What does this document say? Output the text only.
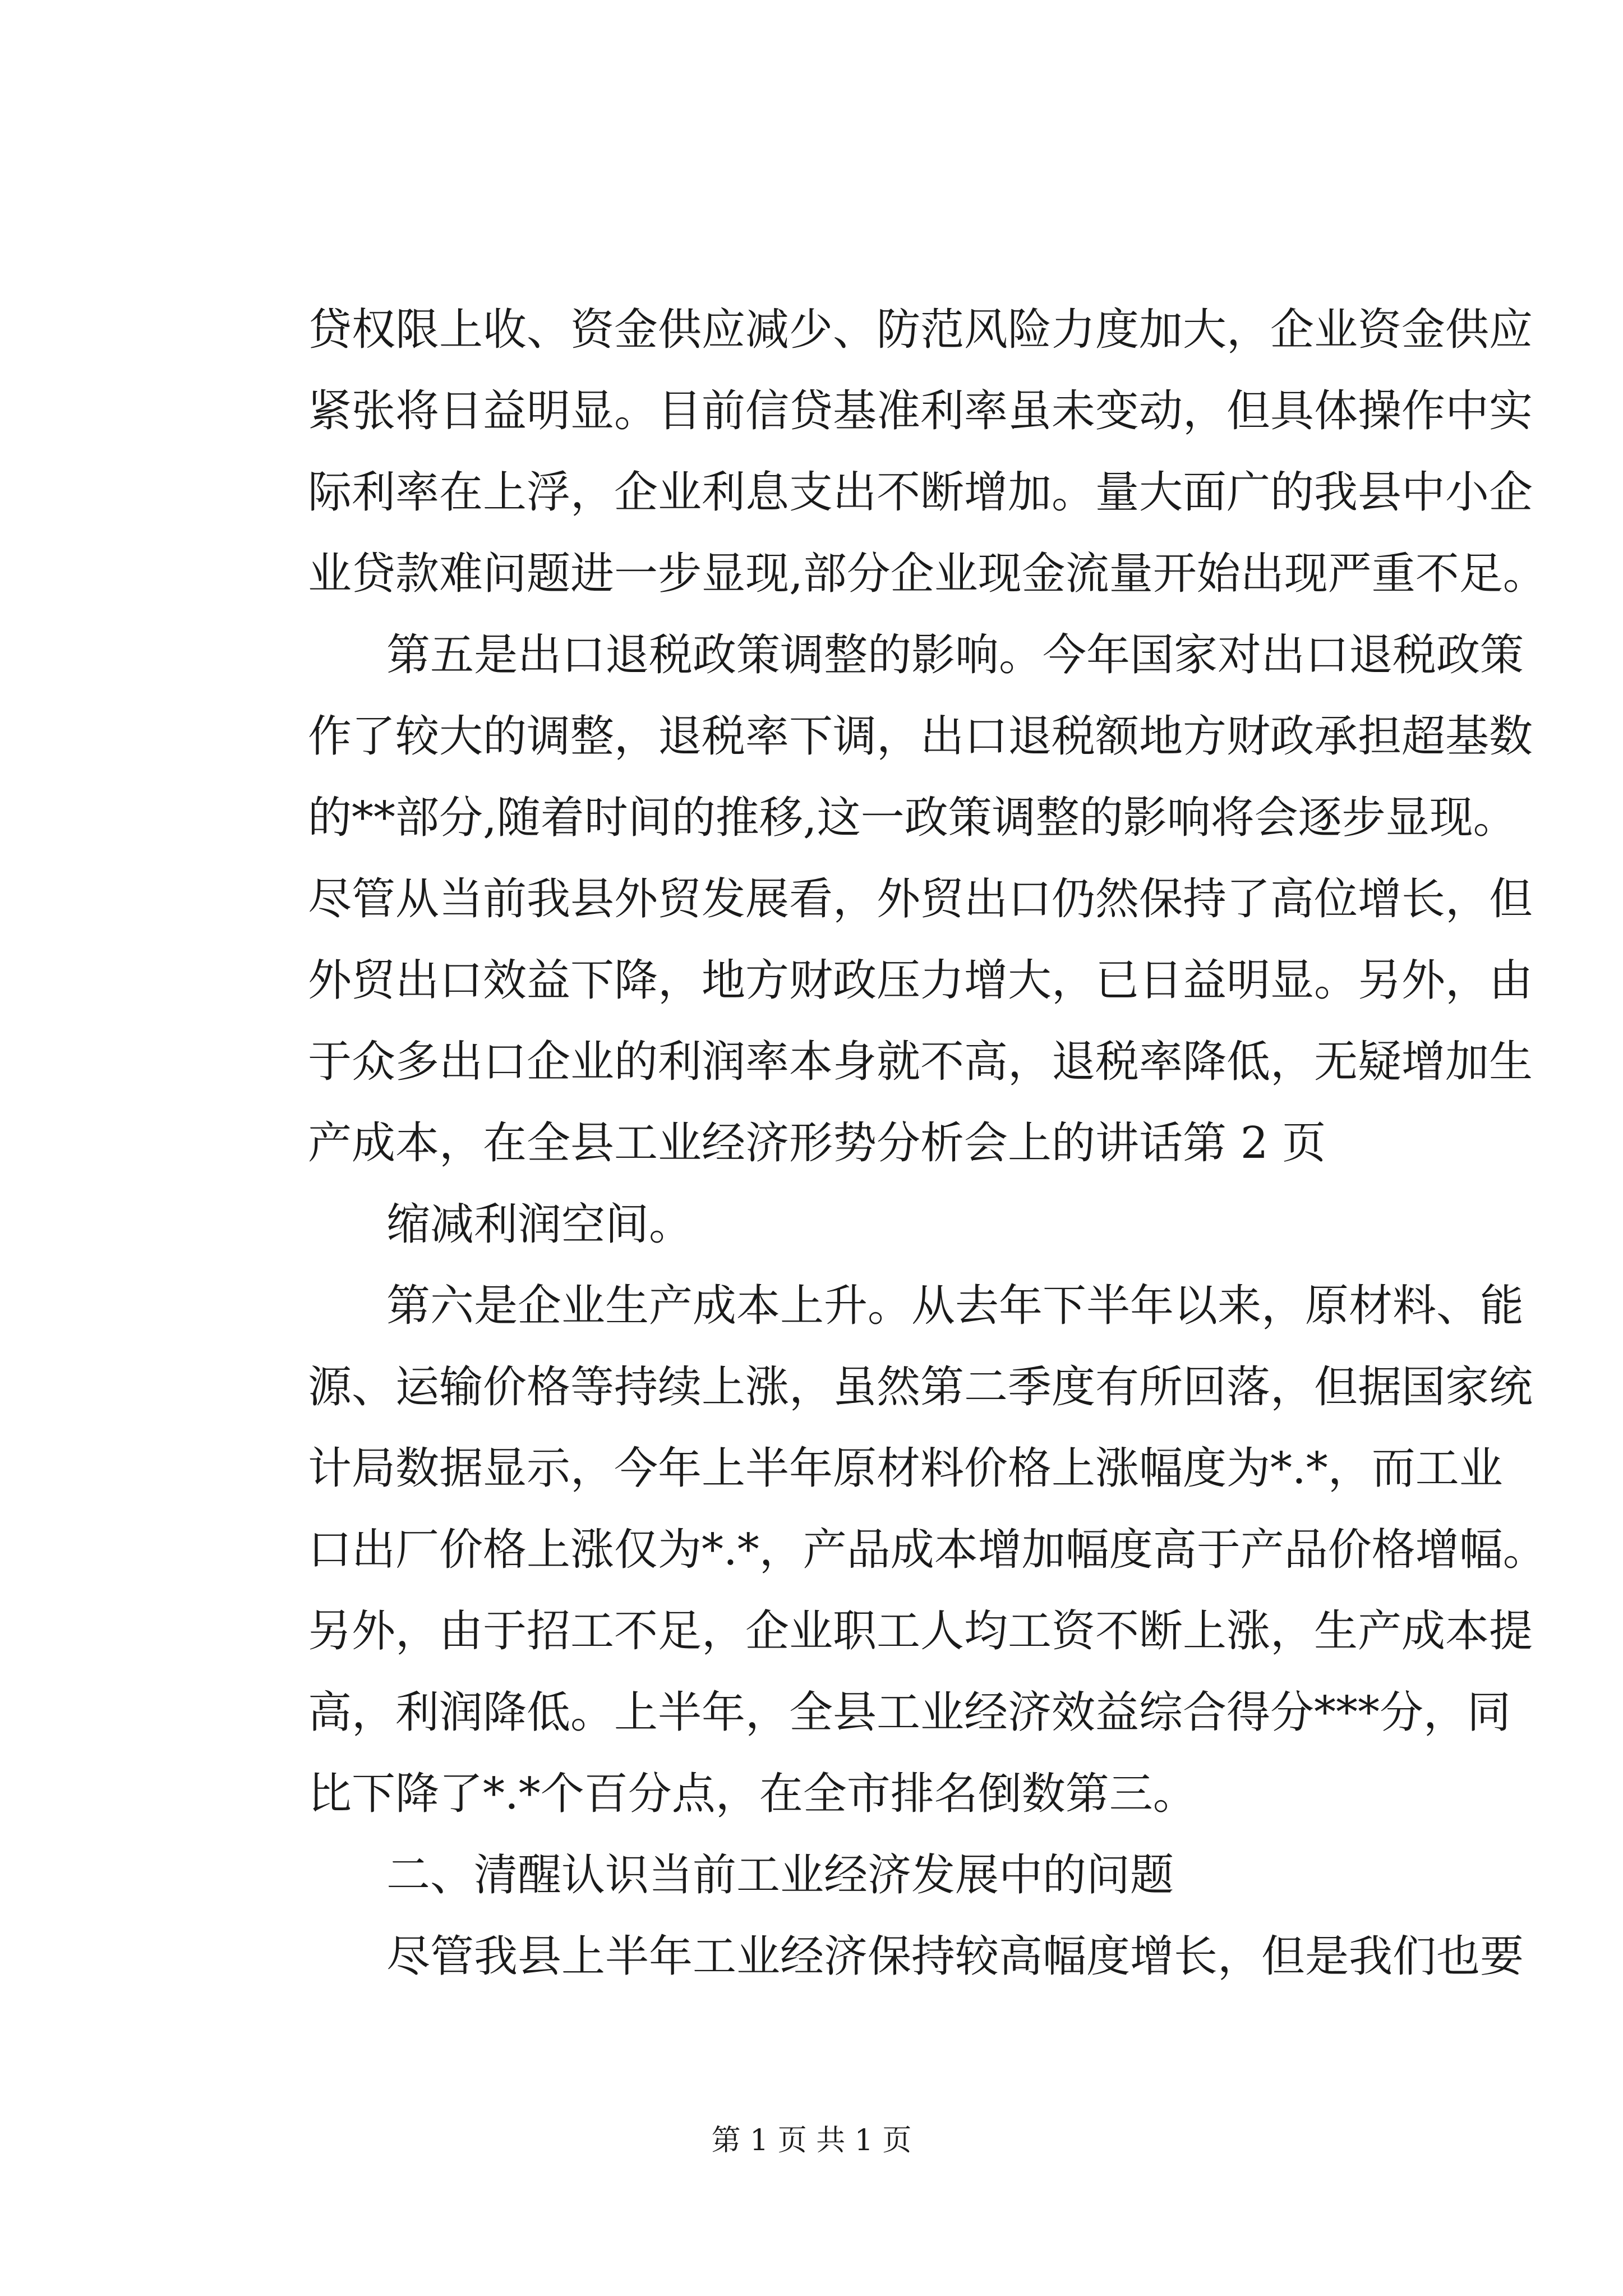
贷权限上收、资金供应减少、防范风险力度加大，企业资金供应
紧张将日益明显。目前信贷基准利率虽未变动，但具体操作中实
际利率在上浮，企业利息支出不断增加。量大面广的我县中小企
业贷款难问题进一步显现,部分企业现金流量开始出现严重不足。
第五是出口退税政策调整的影响。今年国家对出口退税政策
作了较大的调整，退税率下调，出口退税额地方财政承担超基数
的**部分,随着时间的推移,这一政策调整的影响将会逐步显现。
尽管从当前我县外贸发展看，外贸出口仍然保持了高位增长，但
外贸出口效益下降，地方财政压力增大，已日益明显。另外，由
于众多出口企业的利润率本身就不高，退税率降低，无疑增加生
产成本，在全县工业经济形势分析会上的讲话第 2 页
缩减利润空间。
第六是企业生产成本上升。从去年下半年以来，原材料、能
源、运输价格等持续上涨，虽然第二季度有所回落，但据国家统
计局数据显示，今年上半年原材料价格上涨幅度为*.*，而工业
口出厂价格上涨仅为*.*，产品成本增加幅度高于产品价格增幅。
另外，由于招工不足，企业职工人均工资不断上涨，生产成本提
高，利润降低。上半年，全县工业经济效益综合得分***分，同
比下降了*.*个百分点，在全市排名倒数第三。
二、清醒认识当前工业经济发展中的问题
尽管我县上半年工业经济保持较高幅度增长，但是我们也要
第 1 页 共 1 页
